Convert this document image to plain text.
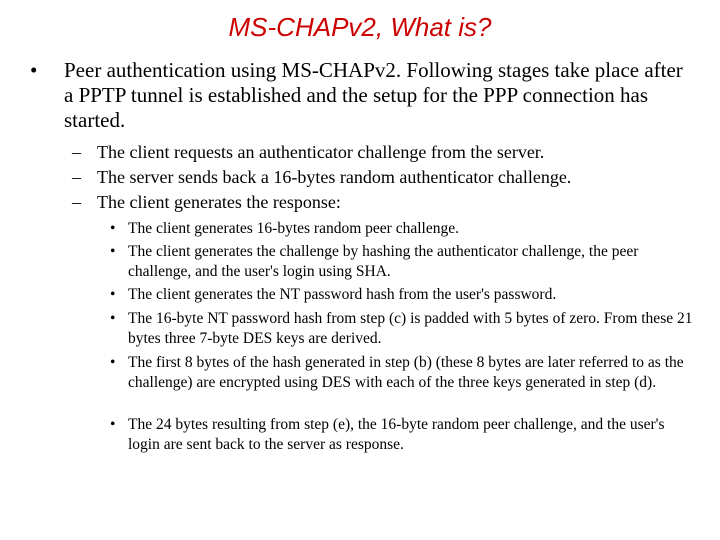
MS-CHAPv2, What is?
• Peer authentication using MS-CHAPv2. Following stages take place after a PPTP tunnel is established and the setup for the PPP connection has started.
– The client requests an authenticator challenge from the server.
– The server sends back a 16-bytes random authenticator challenge.
– The client generates the response:
• The client generates 16-bytes random peer challenge.
• The client generates the challenge by hashing the authenticator challenge, the peer challenge, and the user's login using SHA.
• The client generates the NT password hash from the user's password.
• The 16-byte NT password hash from step (c) is padded with 5 bytes of zero. From these 21 bytes three 7-byte DES keys are derived.
• The first 8 bytes of the hash generated in step (b) (these 8 bytes are later referred to as the challenge) are encrypted using DES with each of the three keys generated in step (d).
• The 24 bytes resulting from step (e), the 16-byte random peer challenge, and the user's login are sent back to the server as response.
